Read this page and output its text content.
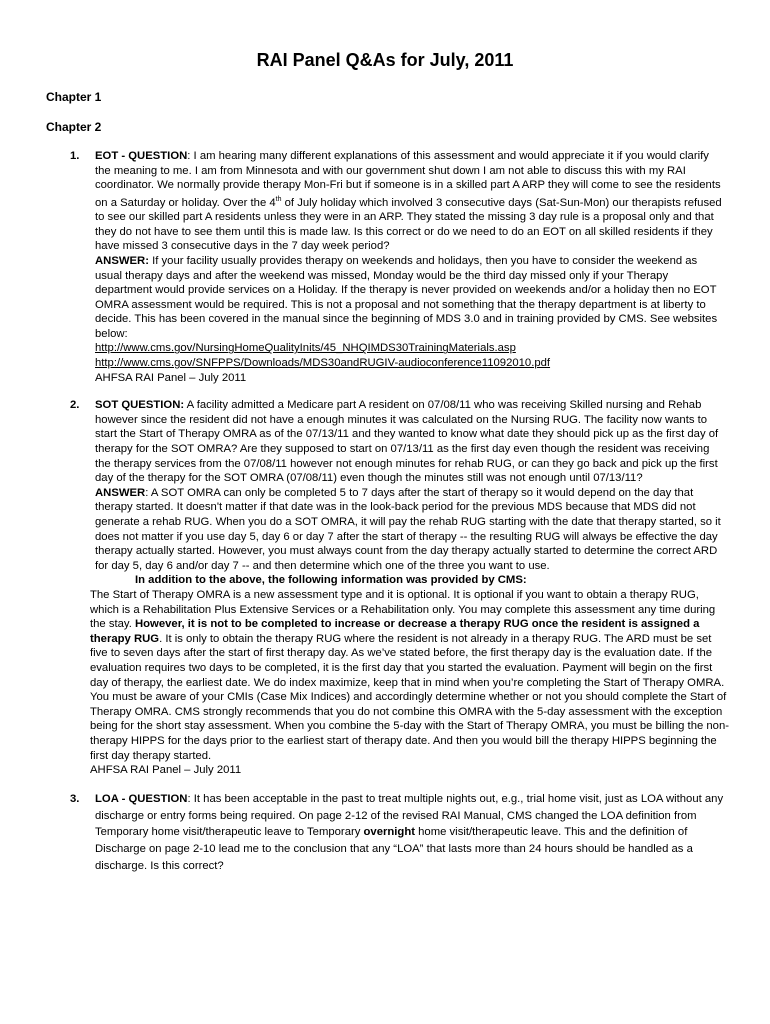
RAI Panel Q&As for July, 2011
Chapter 1
Chapter 2
1. EOT - QUESTION: I am hearing many different explanations of this assessment and would appreciate it if you would clarify the meaning to me. I am from Minnesota and with our government shut down I am not able to discuss this with my RAI coordinator. We normally provide therapy Mon-Fri but if someone is in a skilled part A ARP they will come to see the residents on a Saturday or holiday. Over the 4th of July holiday which involved 3 consecutive days (Sat-Sun-Mon) our therapists refused to see our skilled part A residents unless they were in an ARP. They stated the missing 3 day rule is a proposal only and that they do not have to see them until this is made law. Is this correct or do we need to do an EOT on all skilled residents if they have missed 3 consecutive days in the 7 day week period?

ANSWER: If your facility usually provides therapy on weekends and holidays, then you have to consider the weekend as usual therapy days and after the weekend was missed, Monday would be the third day missed only if your Therapy department would provide services on a Holiday. If the therapy is never provided on weekends and/or a holiday then no EOT OMRA assessment would be required. This is not a proposal and not something that the therapy department is at liberty to decide. This has been covered in the manual since the beginning of MDS 3.0 and in training provided by CMS. See websites below:

http://www.cms.gov/NursingHomeQualityInits/45_NHQIMDS30TrainingMaterials.asp

http://www.cms.gov/SNFPPS/Downloads/MDS30andRUGIV-audioconference11092010.pdf

AHFSA RAI Panel – July 2011

2. SOT QUESTION: A facility admitted a Medicare part A resident on 07/08/11 who was receiving Skilled nursing and Rehab however since the resident did not have a enough minutes it was calculated on the Nursing RUG. The facility now wants to start the Start of Therapy OMRA as of the 07/13/11 and they wanted to know what date they should pick up as the first day of therapy for the SOT OMRA? Are they supposed to start on 07/13/11 as the first day even though the resident was receiving the therapy services from the 07/08/11 however not enough minutes for rehab RUG, or can they go back and pick up the first day of the therapy for the SOT OMRA (07/08/11) even though the minutes still was not enough until 07/13/11?

ANSWER: A SOT OMRA can only be completed 5 to 7 days after the start of therapy so it would depend on the day that therapy started. It doesn't matter if that date was in the look-back period for the previous MDS because that MDS did not generate a rehab RUG. When you do a SOT OMRA, it will pay the rehab RUG starting with the date that therapy started, so it does not matter if you use day 5, day 6 or day 7 after the start of therapy -- the resulting RUG will always be effective the day therapy actually started. However, you must always count from the day therapy actually started to determine the correct ARD for day 5, day 6 and/or day 7 -- and then determine which one of the three you want to use.

In addition to the above, the following information was provided by CMS:

The Start of Therapy OMRA is a new assessment type and it is optional. It is optional if you want to obtain a therapy RUG, which is a Rehabilitation Plus Extensive Services or a Rehabilitation only. You may complete this assessment any time during the stay. However, it is not to be completed to increase or decrease a therapy RUG once the resident is assigned a therapy RUG. It is only to obtain the therapy RUG where the resident is not already in a therapy RUG. The ARD must be set five to seven days after the start of first therapy day. As we’ve stated before, the first therapy day is the evaluation date. If the evaluation requires two days to be completed, it is the first day that you started the evaluation. Payment will begin on the first day of therapy, the earliest date. We do index maximize, keep that in mind when you’re completing the Start of Therapy OMRA. You must be aware of your CMIs (Case Mix Indices) and accordingly determine whether or not you should complete the Start of Therapy OMRA. CMS strongly recommends that you do not combine this OMRA with the 5-day assessment with the exception being for the short stay assessment. When you combine the 5-day with the Start of Therapy OMRA, you must be billing the non-therapy HIPPS for the days prior to the earliest start of therapy date. And then you would bill the therapy HIPPS beginning the first day therapy started.

AHFSA RAI Panel – July 2011

3. LOA - QUESTION: It has been acceptable in the past to treat multiple nights out, e.g., trial home visit, just as LOA without any discharge or entry forms being required. On page 2-12 of the revised RAI Manual, CMS changed the LOA definition from Temporary home visit/therapeutic leave to Temporary overnight home visit/therapeutic leave. This and the definition of Discharge on page 2-10 lead me to the conclusion that any “LOA” that lasts more than 24 hours should be handled as a discharge. Is this correct?
